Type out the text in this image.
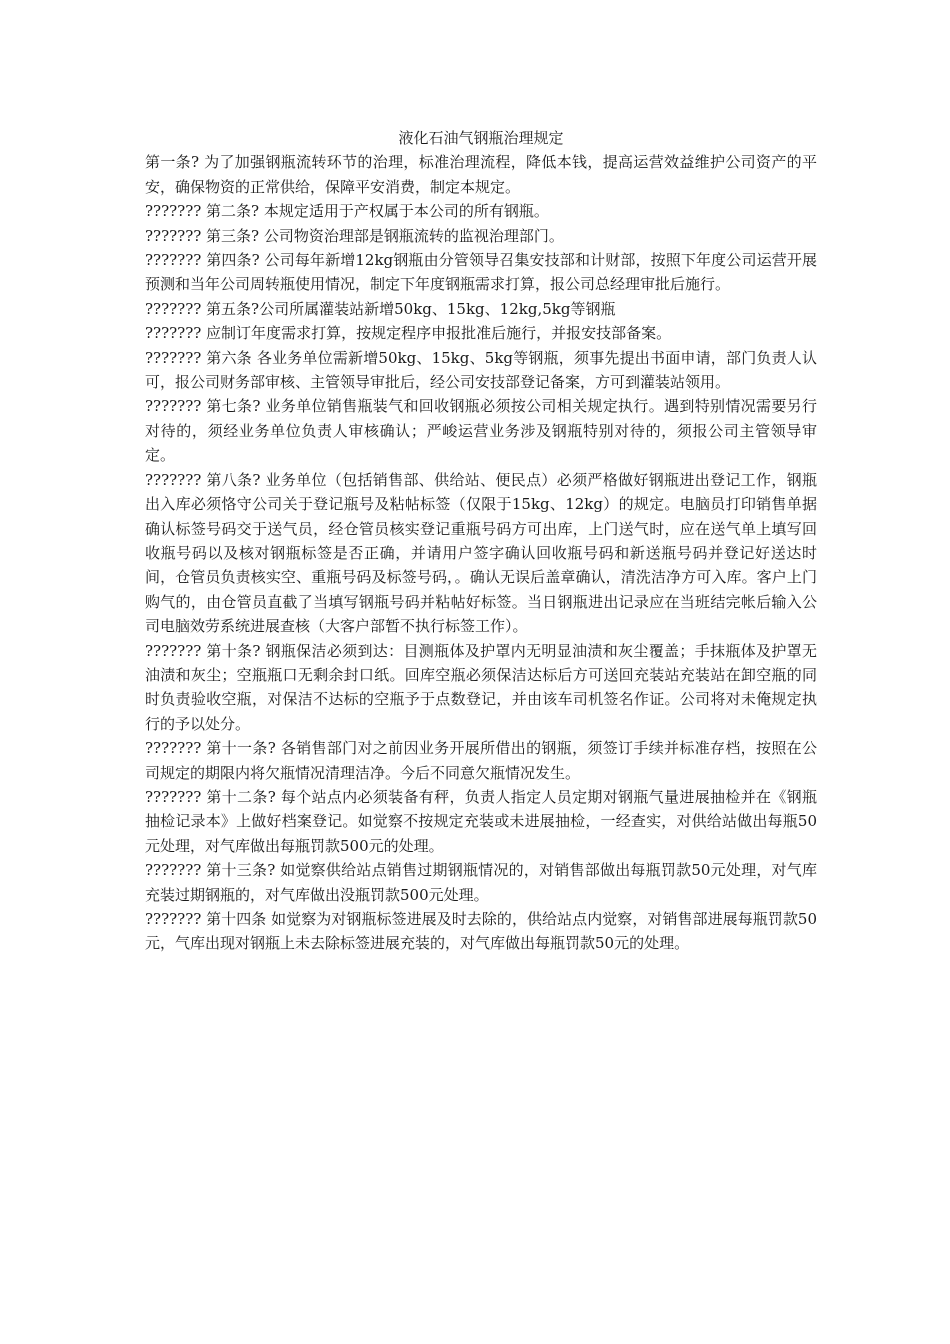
液化石油气钢瓶治理规定

第一条? 为了加强钢瓶流转环节的治理，标准治理流程，降低本钱，提高运营效益维护公司资产的平安，确保物资的正常供给，保障平安消费，制定本规定。

??????? 第二条? 本规定适用于产权属于本公司的所有钢瓶。

??????? 第三条? 公司物资治理部是钢瓶流转的监视治理部门。

??????? 第四条? 公司每年新增12kg钢瓶由分管领导召集安技部和计财部，按照下年度公司运营开展预测和当年公司周转瓶使用情况，制定下年度钢瓶需求打算，报公司总经理审批后施行。

??????? 第五条?公司所属灌装站新增50kg、15kg、12kg,5kg等钢瓶

??????? 应制订年度需求打算，按规定程序申报批准后施行，并报安技部备案。

??????? 第六条 各业务单位需新增50kg、15kg、5kg等钢瓶，须事先提出书面申请，部门负责人认可，报公司财务部审核、主管领导审批后，经公司安技部登记备案，方可到灌装站领用。

??????? 第七条? 业务单位销售瓶装气和回收钢瓶必须按公司相关规定执行。遇到特别情况需要另行对待的，须经业务单位负责人审核确认；严峻运营业务涉及钢瓶特别对待的，须报公司主管领导审定。

??????? 第八条? 业务单位（包括销售部、供给站、便民点）必须严格做好钢瓶进出登记工作，钢瓶出入库必须恪守公司关于登记瓶号及粘帖标签（仅限于15kg、12kg）的规定。电脑员打印销售单据确认标签号码交于送气员，经仓管员核实登记重瓶号码方可出库，上门送气时，应在送气单上填写回收瓶号码以及核对钢瓶标签是否正确，并请用户签字确认回收瓶号码和新送瓶号码并登记好送达时间，仓管员负责核实空、重瓶号码及标签号码，。确认无误后盖章确认，清洗洁净方可入库。客户上门购气的，由仓管员直截了当填写钢瓶号码并粘帖好标签。当日钢瓶进出记录应在当班结完帐后输入公司电脑效劳系统进展查核（大客户部暂不执行标签工作）。

??????? 第十条? 钢瓶保洁必须到达：目测瓶体及护罩内无明显油渍和灰尘覆盖；手抹瓶体及护罩无油渍和灰尘；空瓶瓶口无剩余封口纸。回库空瓶必须保洁达标后方可送回充装站充装站在卸空瓶的同时负责验收空瓶，对保洁不达标的空瓶予于点数登记，并由该车司机签名作证。公司将对未俺规定执行的予以处分。

??????? 第十一条? 各销售部门对之前因业务开展所借出的钢瓶，须签订手续并标准存档，按照在公司规定的期限内将欠瓶情况清理洁净。今后不同意欠瓶情况发生。

??????? 第十二条? 每个站点内必须装备有秤，负责人指定人员定期对钢瓶气量进展抽检并在《钢瓶抽检记录本》上做好档案登记。如觉察不按规定充装或未进展抽检，一经查实，对供给站做出每瓶50元处理，对气库做出每瓶罚款500元的处理。

??????? 第十三条? 如觉察供给站点销售过期钢瓶情况的，对销售部做出每瓶罚款50元处理，对气库充装过期钢瓶的，对气库做出没瓶罚款500元处理。

??????? 第十四条 如觉察为对钢瓶标签进展及时去除的，供给站点内觉察，对销售部进展每瓶罚款50元，气库出现对钢瓶上未去除标签进展充装的，对气库做出每瓶罚款50元的处理。
